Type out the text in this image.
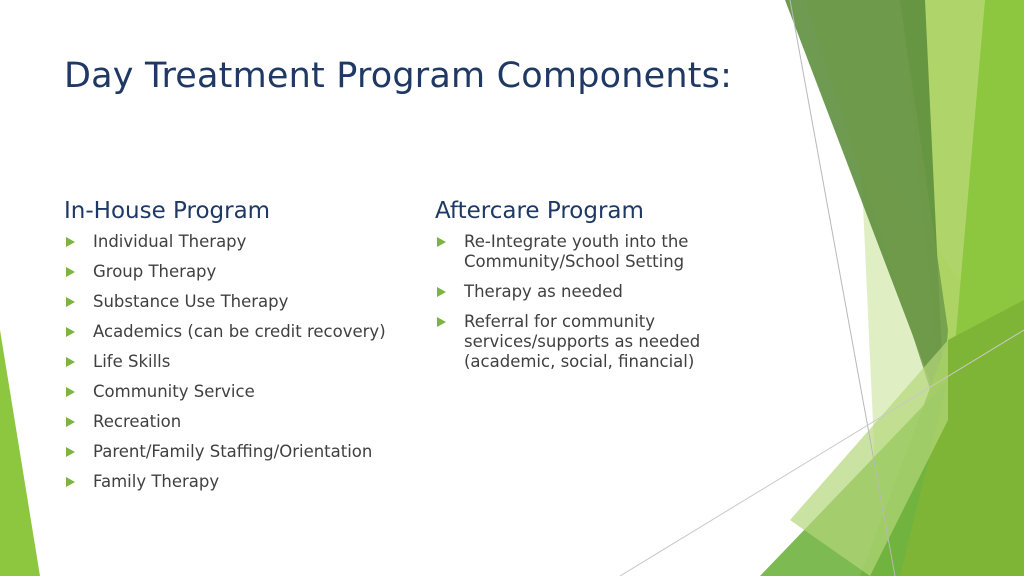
Day Treatment Program Components:
In-House Program
Individual Therapy
Group Therapy
Substance Use Therapy
Academics (can be credit recovery)
Life Skills
Community Service
Recreation
Parent/Family Staffing/Orientation
Family Therapy
Aftercare Program
Re-Integrate youth into the Community/School Setting
Therapy as needed
Referral for community services/supports as needed (academic, social, financial)
